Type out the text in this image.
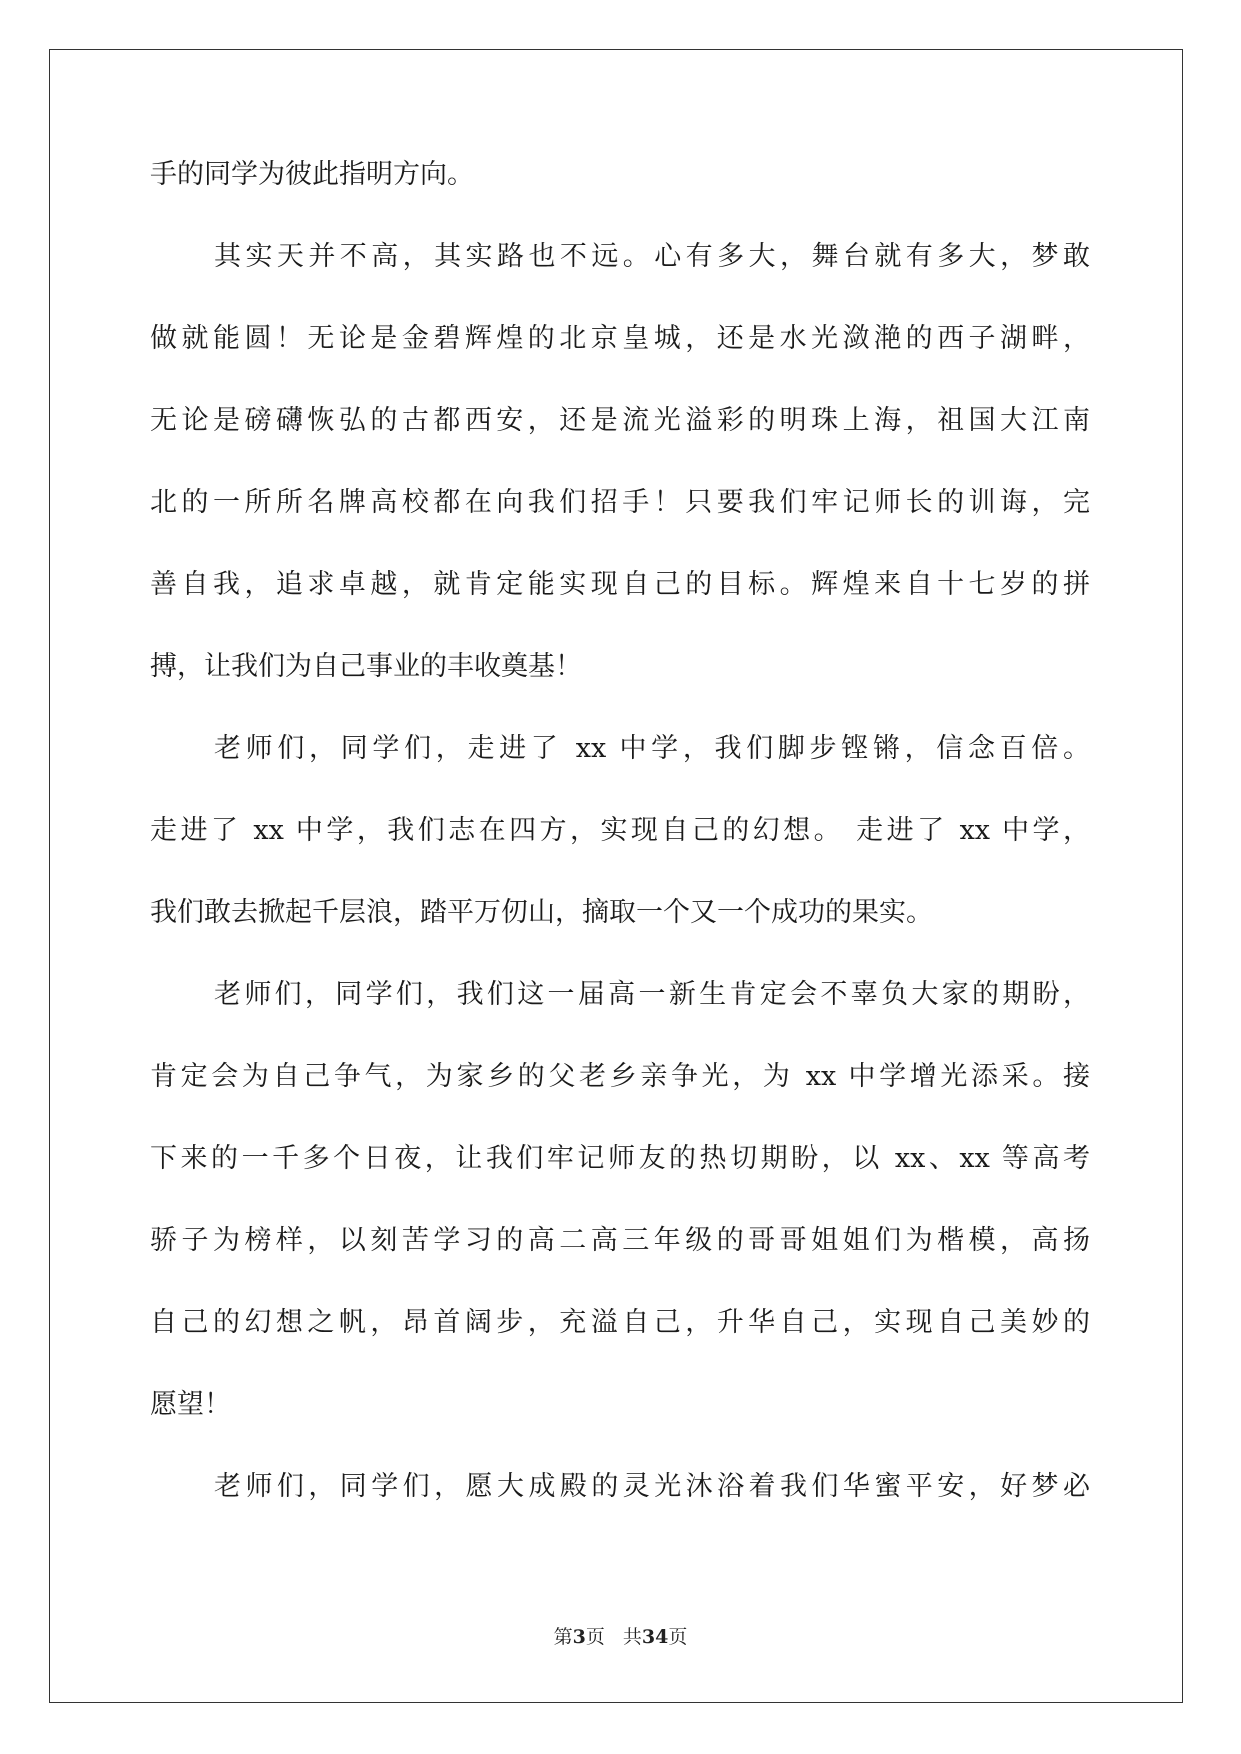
手的同学为彼此指明方向。
其实天并不高，其实路也不远。心有多大，舞台就有多大，梦敢
做就能圆！无论是金碧辉煌的北京皇城，还是水光潋滟的西子湖畔，
无论是磅礴恢弘的古都西安，还是流光溢彩的明珠上海，祖国大江南
北的一所所名牌高校都在向我们招手！只要我们牢记师长的训诲，完
善自我，追求卓越，就肯定能实现自己的目标。辉煌来自十七岁的拼
搏，让我们为自己事业的丰收奠基！
老师们，同学们，走进了 xx 中学，我们脚步铿锵，信念百倍。
走进了 xx 中学，我们志在四方，实现自己的幻想。 走进了 xx 中学，
我们敢去掀起千层浪，踏平万仞山，摘取一个又一个成功的果实。
老师们，同学们，我们这一届高一新生肯定会不辜负大家的期盼，
肯定会为自己争气，为家乡的父老乡亲争光，为 xx 中学增光添采。接
下来的一千多个日夜，让我们牢记师友的热切期盼，以 xx、xx 等高考
骄子为榜样，以刻苦学习的高二高三年级的哥哥姐姐们为楷模，高扬
自己的幻想之帆，昂首阔步，充溢自己，升华自己，实现自己美妙的
愿望！
老师们，同学们，愿大成殿的灵光沐浴着我们华蜜平安，好梦必
第3页 共34页
